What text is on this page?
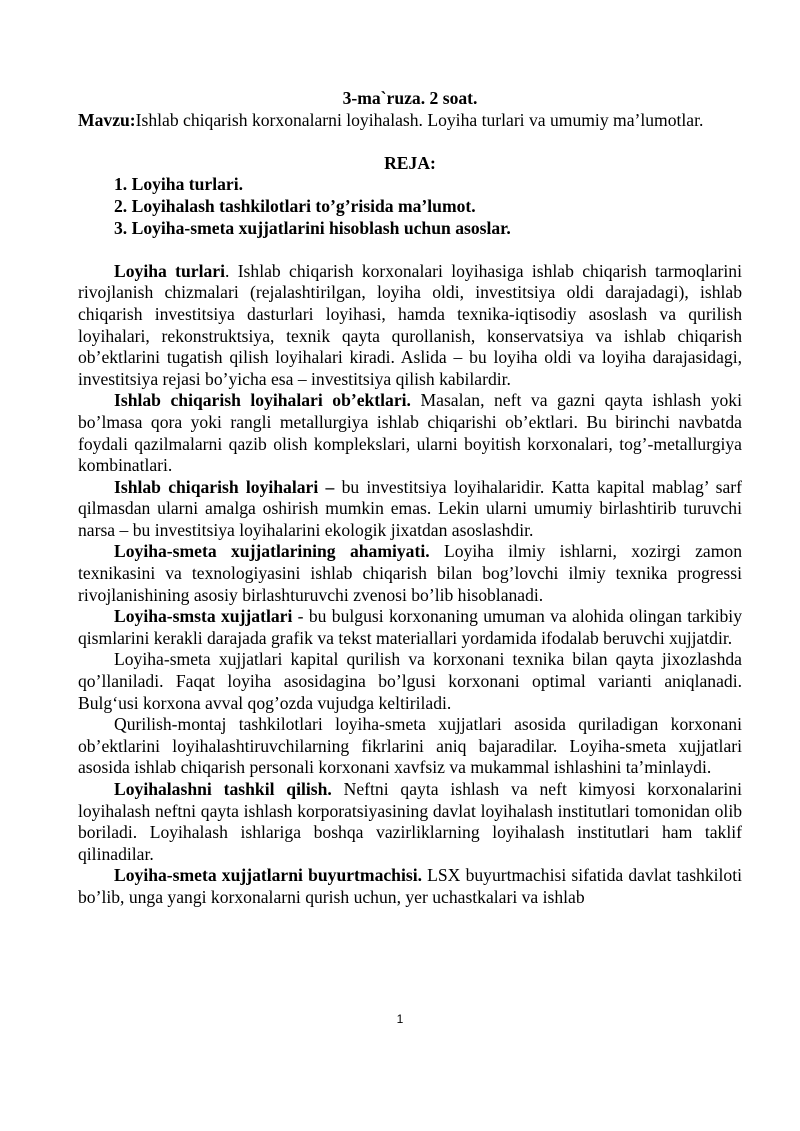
3-ma`ruza. 2 soat.

Mavzu:Ishlab chiqarish korxonalarni loyihalash. Loyiha turlari va umumiy ma’lumotlar.

REJA:

1. Loyiha turlari.
2. Loyihalash tashkilotlari to’g’risida ma’lumot.
3. Loyiha-smeta xujjatlarini hisoblash uchun asoslar.

Loyiha turlari. Ishlab chiqarish korxonalari loyihasiga ishlab chiqarish tarmoqlarini rivojlanish chizmalari (rejalashtirilgan, loyiha oldi, investitsiya oldi darajadagi), ishlab chiqarish investitsiya dasturlari loyihasi, hamda texnika-iqtisodiy asoslash va qurilish loyihalari, rekonstruktsiya, texnik qayta qurollanish, konservatsiya va ishlab chiqarish ob’ektlarini tugatish qilish loyihalari kiradi. Aslida – bu loyiha oldi va loyiha darajasidagi, investitsiya rejasi bo’yicha esa – investitsiya qilish kabilardir.

Ishlab chiqarish loyihalari ob’ektlari. Masalan, neft va gazni qayta ishlash yoki bo’lmasa qora yoki rangli metallurgiya ishlab chiqarishi ob’ektlari. Bu birinchi navbatda foydali qazilmalarni qazib olish komplekslari, ularni boyitish korxonalari, tog’-metallurgiya kombinatlari.

Ishlab chiqarish loyihalari – bu investitsiya loyihalaridir. Katta kapital mablag’ sarf qilmasdan ularni amalga oshirish mumkin emas. Lekin ularni umumiy birlashtirib turuvchi narsa – bu investitsiya loyihalarini ekologik jixatdan asoslashdir.

Loyiha-smeta xujjatlarining ahamiyati. Loyiha ilmiy ishlarni, xozirgi zamon texnikasini va texnologiyasini ishlab chiqarish bilan bog’lovchi ilmiy texnika progressi rivojlanishining asosiy birlashturuvchi zvenosi bo’lib hisoblanadi.

Loyiha-smsta xujjatlari - bu bulgusi korxonaning umuman va alohida olingan tarkibiy qismlarini kerakli darajada grafik va tekst materiallari yordamida ifodalab beruvchi xujjatdir.

Loyiha-smeta xujjatlari kapital qurilish va korxonani texnika bilan qayta jixozlashda qo’llaniladi. Faqat loyiha asosidagina bo’lgusi korxonani optimal varianti aniqlanadi. Bulg‘usi korxona avval qog’ozda vujudga keltiriladi.

Qurilish-montaj tashkilotlari loyiha-smeta xujjatlari asosida quriladigan korxonani ob’ektlarini loyihalashtiruvchilarning fikrlarini aniq bajaradilar. Loyiha-smeta xujjatlari asosida ishlab chiqarish personali korxonani xavfsiz va mukammal ishlashini ta’minlaydi.

Loyihalashni tashkil qilish. Neftni qayta ishlash va neft kimyosi korxonalarini loyihalash neftni qayta ishlash korporatsiyasining davlat loyihalash institutlari tomonidan olib boriladi. Loyihalash ishlariga boshqa vazirliklarning loyihalash institutlari ham taklif qilinadilar.

Loyiha-smeta xujjatlarni buyurtmachisi. LSX buyurtmachisi sifatida davlat tashkiloti bo’lib, unga yangi korxonalarni qurish uchun, yer uchastkalari va ishlab

1
